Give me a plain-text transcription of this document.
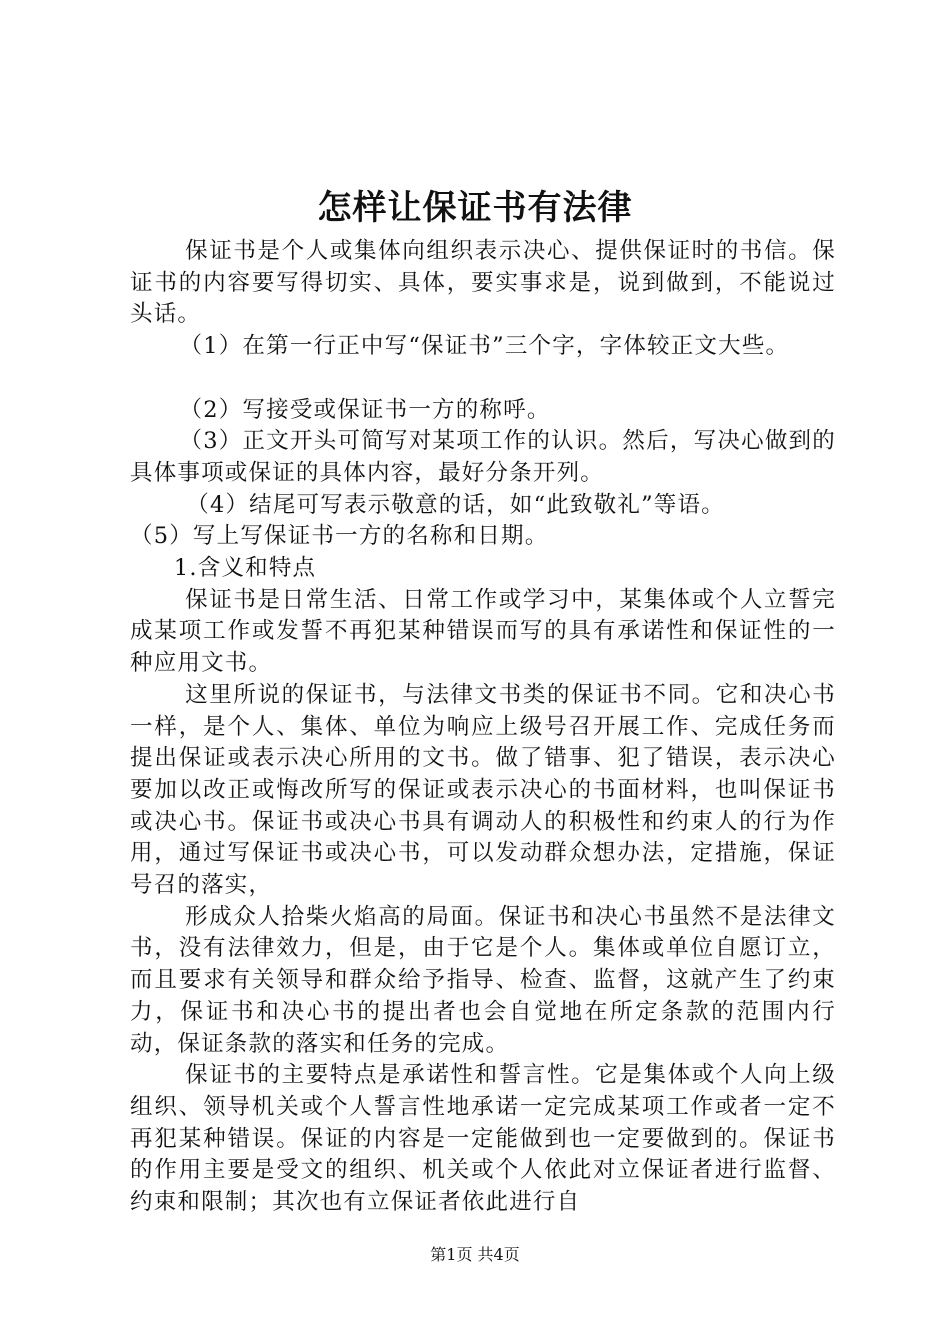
怎样让保证书有法律

保证书是个人或集体向组织表示决心、提供保证时的书信。保证书的内容要写得切实、具体，要实事求是，说到做到，不能说过头话。

（1）在第一行正中写“保证书”三个字，字体较正文大些。

（2）写接受或保证书一方的称呼。

（3）正文开头可简写对某项工作的认识。然后，写决心做到的具体事项或保证的具体内容，最好分条开列。

（4）结尾可写表示敬意的话，如“此致敬礼”等语。

（5）写上写保证书一方的名称和日期。

1.含义和特点

保证书是日常生活、日常工作或学习中，某集体或个人立誓完成某项工作或发誓不再犯某种错误而写的具有承诺性和保证性的一种应用文书。

这里所说的保证书，与法律文书类的保证书不同。它和决心书一样，是个人、集体、单位为响应上级号召开展工作、完成任务而提出保证或表示决心所用的文书。做了错事、犯了错误，表示决心要加以改正或悔改所写的保证或表示决心的书面材料，也叫保证书或决心书。保证书或决心书具有调动人的积极性和约束人的行为作用，通过写保证书或决心书，可以发动群众想办法，定措施，保证号召的落实，

形成众人拾柴火焰高的局面。保证书和决心书虽然不是法律文书，没有法律效力，但是，由于它是个人。集体或单位自愿订立，而且要求有关领导和群众给予指导、检查、监督，这就产生了约束力，保证书和决心书的提出者也会自觉地在所定条款的范围内行动，保证条款的落实和任务的完成。

保证书的主要特点是承诺性和誓言性。它是集体或个人向上级组织、领导机关或个人誓言性地承诺一定完成某项工作或者一定不再犯某种错误。保证的内容是一定能做到也一定要做到的。保证书的作用主要是受文的组织、机关或个人依此对立保证者进行监督、约束和限制；其次也有立保证者依此进行自

第1页 共4页
